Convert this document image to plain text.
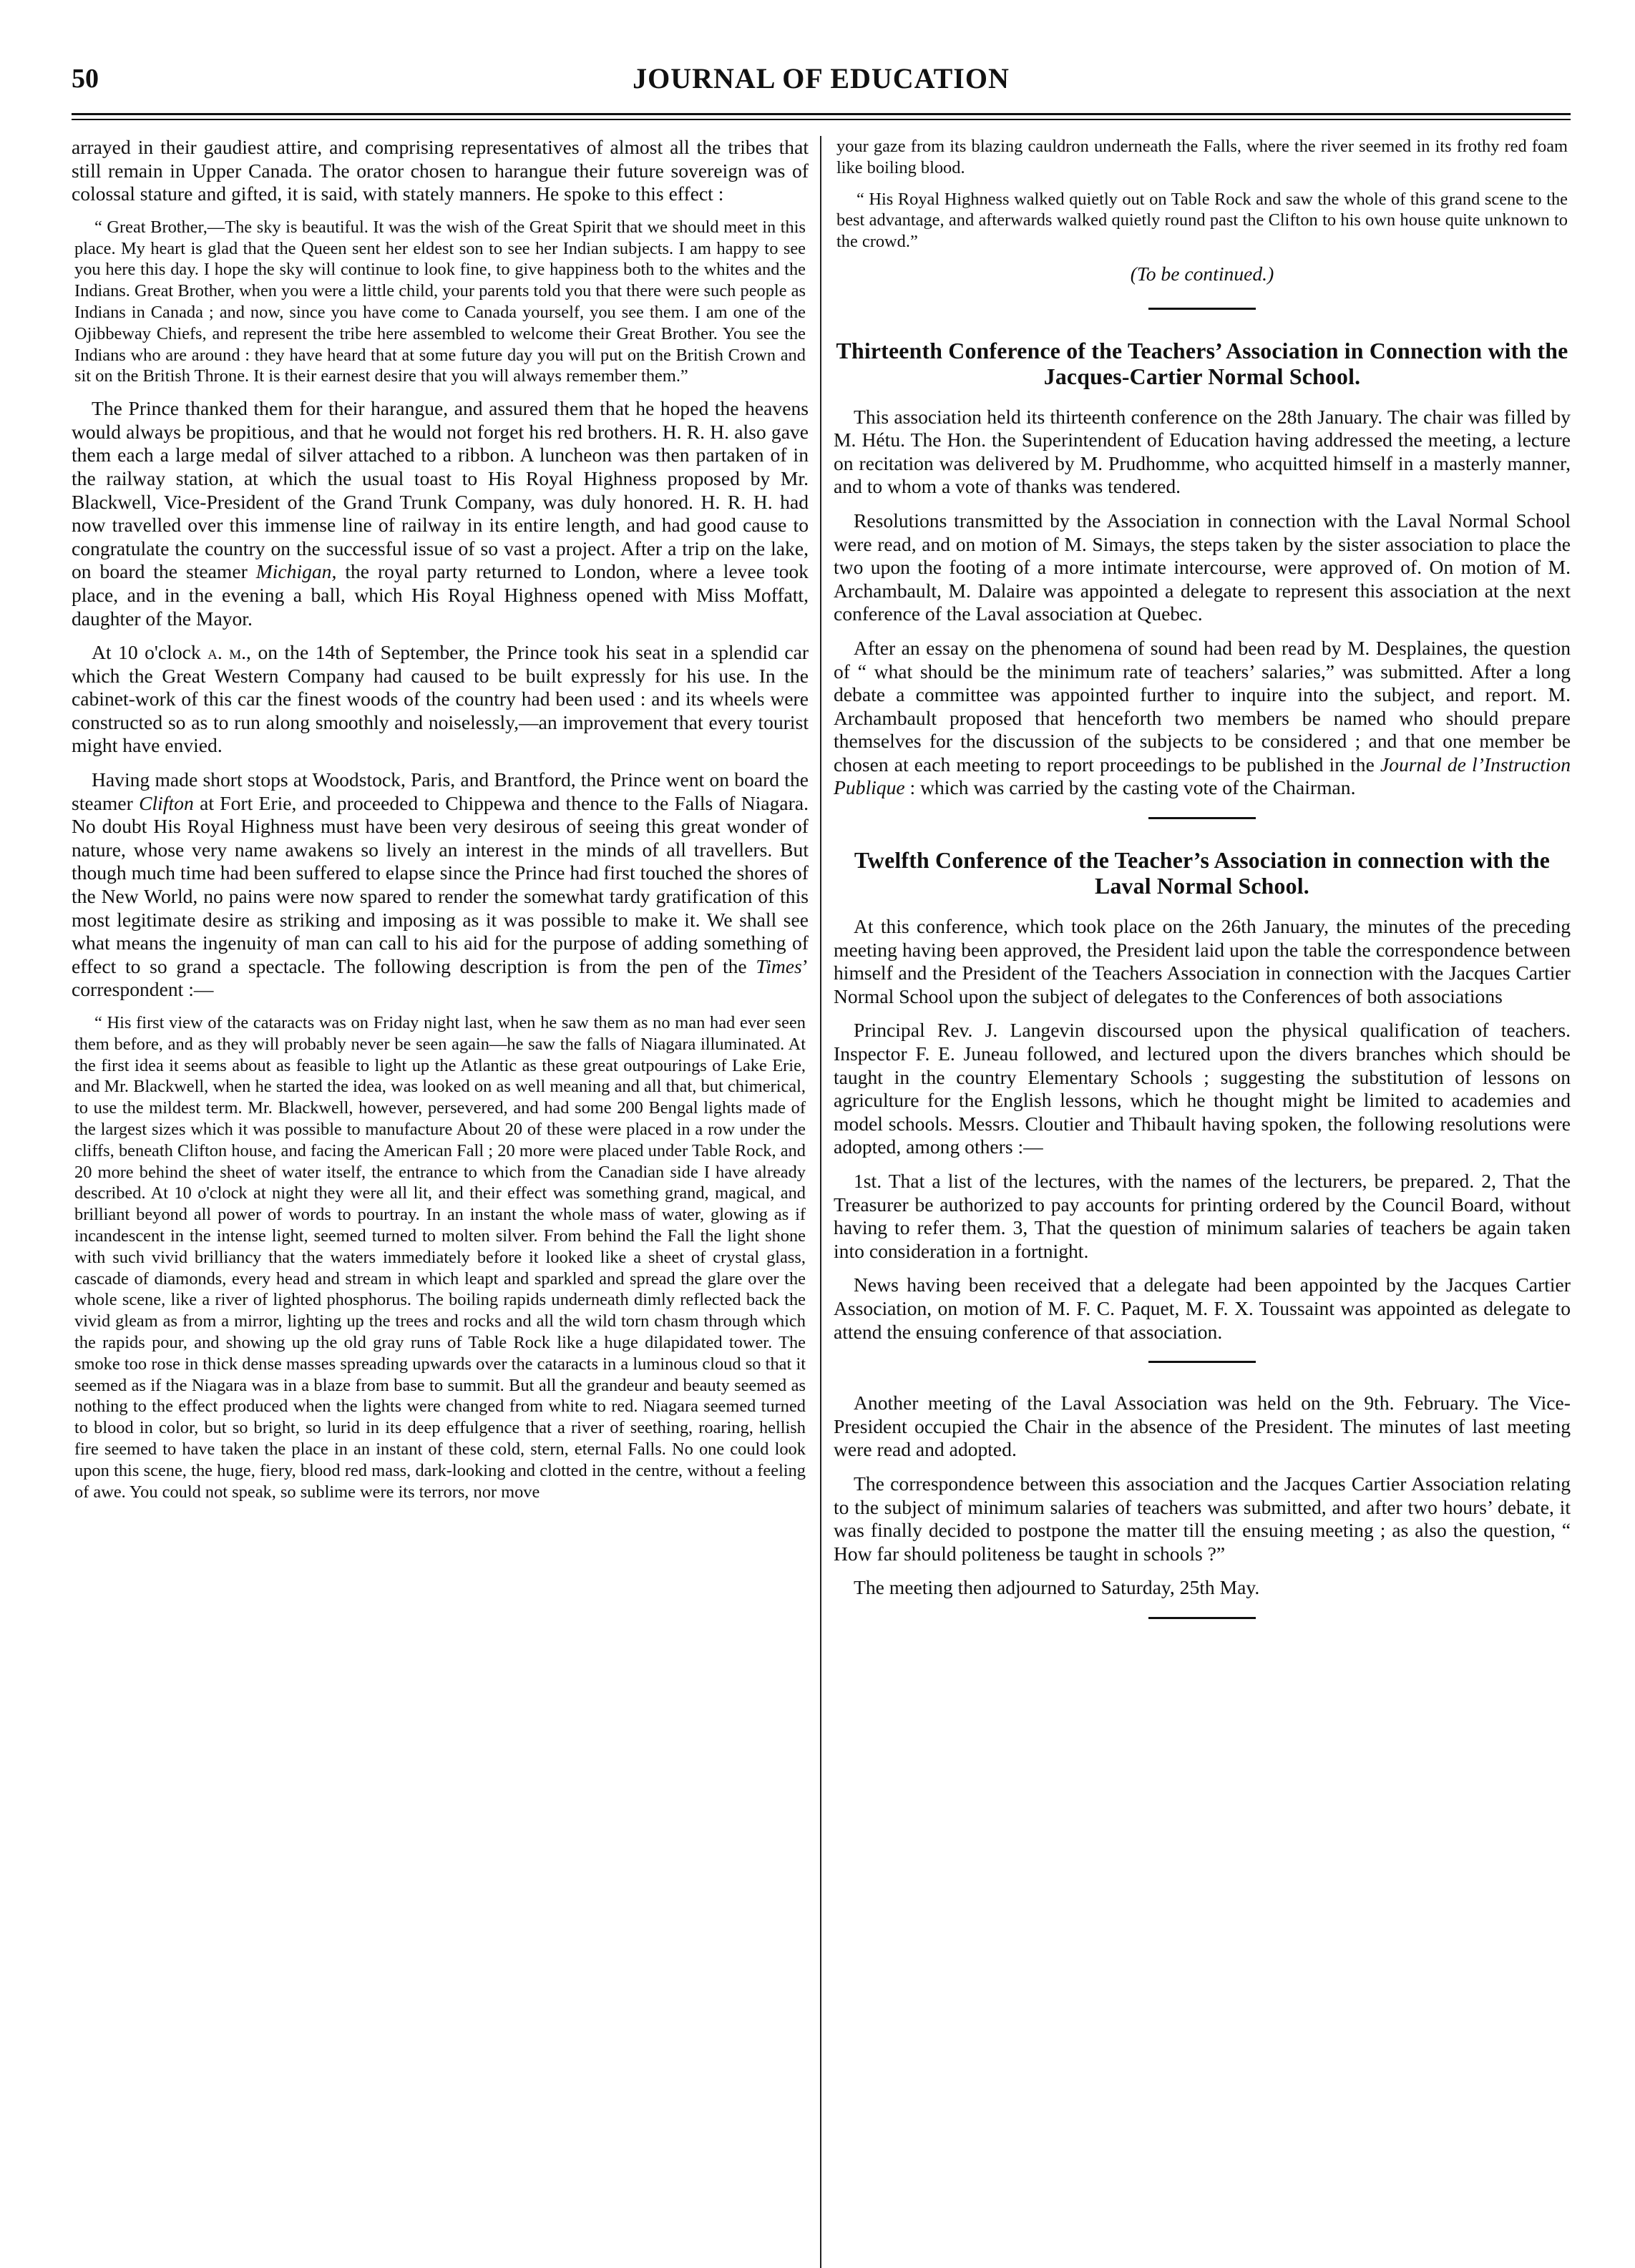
50	JOURNAL OF EDUCATION

arrayed in their gaudiest attire, and comprising representatives of almost all the tribes that still remain in Upper Canada. The orator chosen to harangue their future sovereign was of colossal stature and gifted, it is said, with stately manners. He spoke to this effect :

“ Great Brother,—The sky is beautiful. It was the wish of the Great Spirit that we should meet in this place. My heart is glad that the Queen sent her eldest son to see her Indian subjects. I am happy to see you here this day. I hope the sky will continue to look fine, to give happiness both to the whites and the Indians. Great Brother, when you were a little child, your parents told you that there were such people as Indians in Canada ; and now, since you have come to Canada yourself, you see them. I am one of the Ojibbeway Chiefs, and represent the tribe here assembled to welcome their Great Brother. You see the Indians who are around : they have heard that at some future day you will put on the British Crown and sit on the British Throne. It is their earnest desire that you will always remember them.”

The Prince thanked them for their harangue, and assured them that he hoped the heavens would always be propitious, and that he would not forget his red brothers. H. R. H. also gave them each a large medal of silver attached to a ribbon. A luncheon was then partaken of in the railway station, at which the usual toast to His Royal Highness proposed by Mr. Blackwell, Vice-President of the Grand Trunk Company, was duly honored. H. R. H. had now travelled over this immense line of railway in its entire length, and had good cause to congratulate the country on the successful issue of so vast a project. After a trip on the lake, on board the steamer Michigan, the royal party returned to London, where a levee took place, and in the evening a ball, which His Royal Highness opened with Miss Moffatt, daughter of the Mayor.

At 10 o'clock a. m., on the 14th of September, the Prince took his seat in a splendid car which the Great Western Company had caused to be built expressly for his use. In the cabinet-work of this car the finest woods of the country had been used : and its wheels were constructed so as to run along smoothly and noiselessly,—an improvement that every tourist might have envied.

Having made short stops at Woodstock, Paris, and Brantford, the Prince went on board the steamer Clifton at Fort Erie, and proceeded to Chippewa and thence to the Falls of Niagara. No doubt His Royal Highness must have been very desirous of seeing this great wonder of nature, whose very name awakens so lively an interest in the minds of all travellers. But though much time had been suffered to elapse since the Prince had first touched the shores of the New World, no pains were now spared to render the somewhat tardy gratification of this most legitimate desire as striking and imposing as it was possible to make it. We shall see what means the ingenuity of man can call to his aid for the purpose of adding something of effect to so grand a spectacle. The following description is from the pen of the Times’ correspondent :—

“ His first view of the cataracts was on Friday night last, when he saw them as no man had ever seen them before, and as they will probably never be seen again—he saw the falls of Niagara illuminated. At the first idea it seems about as feasible to light up the Atlantic as these great outpourings of Lake Erie, and Mr. Blackwell, when he started the idea, was looked on as well meaning and all that, but chimerical, to use the mildest term. Mr. Blackwell, however, persevered, and had some 200 Bengal lights made of the largest sizes which it was possible to manufacture About 20 of these were placed in a row under the cliffs, beneath Clifton house, and facing the American Fall ; 20 more were placed under Table Rock, and 20 more behind the sheet of water itself, the entrance to which from the Canadian side I have already described. At 10 o'clock at night they were all lit, and their effect was something grand, magical, and brilliant beyond all power of words to pourtray. In an instant the whole mass of water, glowing as if incandescent in the intense light, seemed turned to molten silver. From behind the Fall the light shone with such vivid brilliancy that the waters immediately before it looked like a sheet of crystal glass, cascade of diamonds, every head and stream in which leapt and sparkled and spread the glare over the whole scene, like a river of lighted phosphorus. The boiling rapids underneath dimly reflected back the vivid gleam as from a mirror, lighting up the trees and rocks and all the wild torn chasm through which the rapids pour, and showing up the old gray runs of Table Rock like a huge dilapidated tower. The smoke too rose in thick dense masses spreading upwards over the cataracts in a luminous cloud so that it seemed as if the Niagara was in a blaze from base to summit. But all the grandeur and beauty seemed as nothing to the effect produced when the lights were changed from white to red. Niagara seemed turned to blood in color, but so bright, so lurid in its deep effulgence that a river of seething, roaring, hellish fire seemed to have taken the place in an instant of these cold, stern, eternal Falls. No one could look upon this scene, the huge, fiery, blood red mass, dark-looking and clotted in the centre, without a feeling of awe. You could not speak, so sublime were its terrors, nor move

your gaze from its blazing cauldron underneath the Falls, where the river seemed in its frothy red foam like boiling blood.

“ His Royal Highness walked quietly out on Table Rock and saw the whole of this grand scene to the best advantage, and afterwards walked quietly round past the Clifton to his own house quite unknown to the crowd.”

(To be continued.)
Thirteenth Conference of the Teachers’ Association in Connection with the Jacques-Cartier Normal School.

This association held its thirteenth conference on the 28th January. The chair was filled by M. Hétu. The Hon. the Superintendent of Education having addressed the meeting, a lecture on recitation was delivered by M. Prudhomme, who acquitted himself in a masterly manner, and to whom a vote of thanks was tendered.

Resolutions transmitted by the Association in connection with the Laval Normal School were read, and on motion of M. Simays, the steps taken by the sister association to place the two upon the footing of a more intimate intercourse, were approved of. On motion of M. Archambault, M. Dalaire was appointed a delegate to represent this association at the next conference of the Laval association at Quebec.

After an essay on the phenomena of sound had been read by M. Desplaines, the question of “ what should be the minimum rate of teachers’ salaries,” was submitted. After a long debate a committee was appointed further to inquire into the subject, and report. M. Archambault proposed that henceforth two members be named who should prepare themselves for the discussion of the subjects to be considered ; and that one member be chosen at each meeting to report proceedings to be published in the Journal de l’Instruction Publique : which was carried by the casting vote of the Chairman.

Twelfth Conference of the Teacher’s Association in connection with the Laval Normal School.

At this conference, which took place on the 26th January, the minutes of the preceding meeting having been approved, the President laid upon the table the correspondence between himself and the President of the Teachers Association in connection with the Jacques Cartier Normal School upon the subject of delegates to the Conferences of both associations

Principal Rev. J. Langevin discoursed upon the physical qualification of teachers. Inspector F. E. Juneau followed, and lectured upon the divers branches which should be taught in the country Elementary Schools ; suggesting the substitution of lessons on agriculture for the English lessons, which he thought might be limited to academies and model schools. Messrs. Cloutier and Thibault having spoken, the following resolutions were adopted, among others :—

1st. That a list of the lectures, with the names of the lecturers, be prepared. 2, That the Treasurer be authorized to pay accounts for printing ordered by the Council Board, without having to refer them. 3, That the question of minimum salaries of teachers be again taken into consideration in a fortnight.

News having been received that a delegate had been appointed by the Jacques Cartier Association, on motion of M. F. C. Paquet, M. F. X. Toussaint was appointed as delegate to attend the ensuing conference of that association.

Another meeting of the Laval Association was held on the 9th. February. The Vice-President occupied the Chair in the absence of the President. The minutes of last meeting were read and adopted.

The correspondence between this association and the Jacques Cartier Association relating to the subject of minimum salaries of teachers was submitted, and after two hours’ debate, it was finally decided to postpone the matter till the ensuing meeting ; as also the question, “ How far should politeness be taught in schools ?”

The meeting then adjourned to Saturday, 25th May.
